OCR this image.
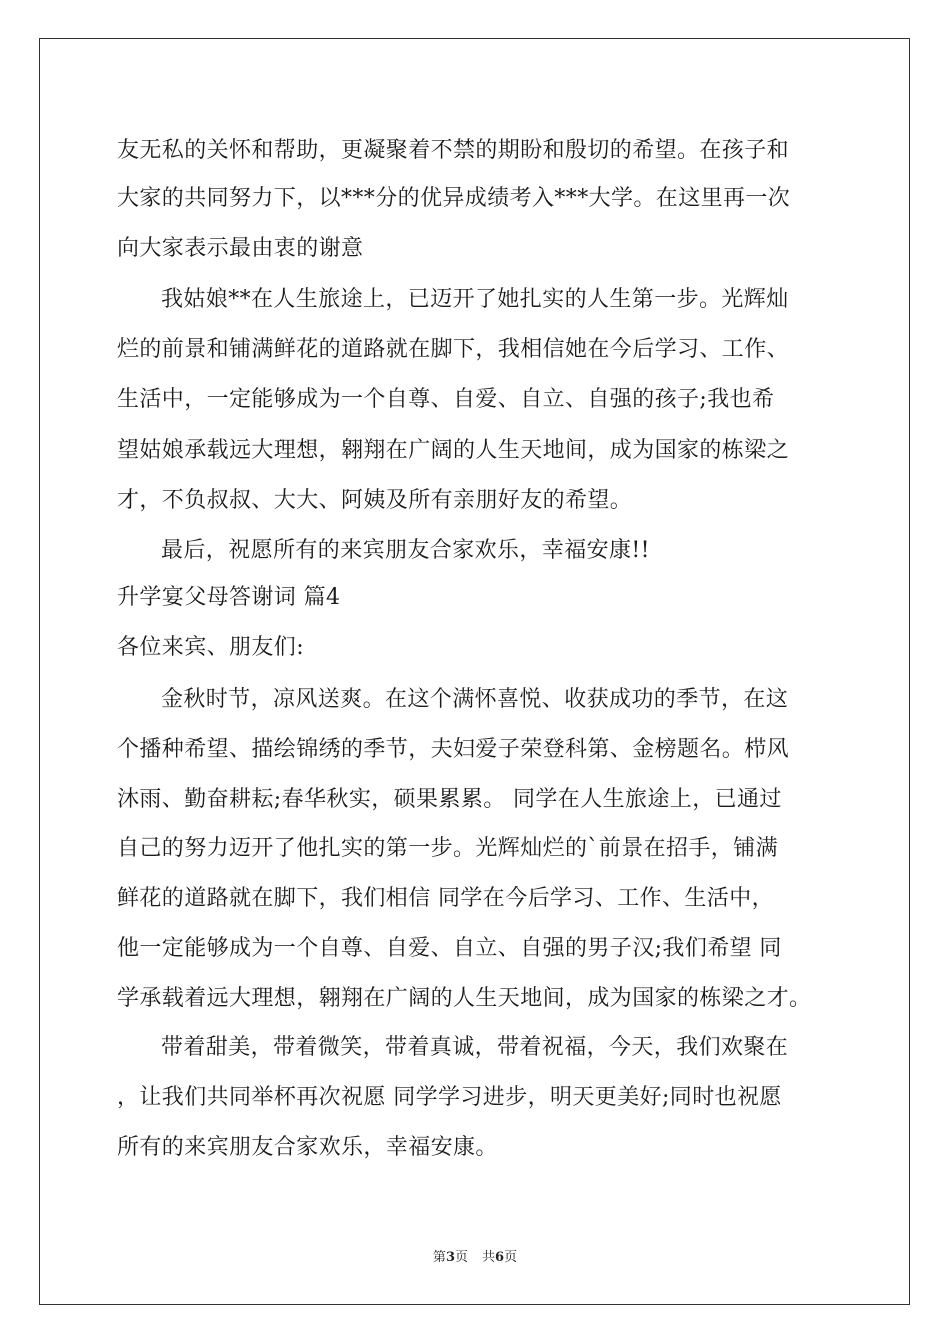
友无私的关怀和帮助，更凝聚着不禁的期盼和殷切的希望。在孩子和
大家的共同努力下，以***分的优异成绩考入***大学。在这里再一次
向大家表示最由衷的谢意
我姑娘**在人生旅途上，已迈开了她扎实的人生第一步。光辉灿
烂的前景和铺满鲜花的道路就在脚下，我相信她在今后学习、工作、
生活中，一定能够成为一个自尊、自爱、自立、自强的孩子;我也希
望姑娘承载远大理想，翱翔在广阔的人生天地间，成为国家的栋梁之
才，不负叔叔、大大、阿姨及所有亲朋好友的希望。
最后，祝愿所有的来宾朋友合家欢乐，幸福安康!!
升学宴父母答谢词 篇4
各位来宾、朋友们:
金秋时节，凉风送爽。在这个满怀喜悦、收获成功的季节，在这
个播种希望、描绘锦绣的季节，夫妇爱子荣登科第、金榜题名。栉风
沐雨、勤奋耕耘;春华秋实，硕果累累。 同学在人生旅途上，已通过
自己的努力迈开了他扎实的第一步。光辉灿烂的`前景在招手，铺满
鲜花的道路就在脚下，我们相信 同学在今后学习、工作、生活中，
他一定能够成为一个自尊、自爱、自立、自强的男子汉;我们希望 同
学承载着远大理想，翱翔在广阔的人生天地间，成为国家的栋梁之才。
带着甜美，带着微笑，带着真诚，带着祝福，今天，我们欢聚在
，让我们共同举杯再次祝愿 同学学习进步，明天更美好;同时也祝愿
所有的来宾朋友合家欢乐，幸福安康。
第3页 共6页
